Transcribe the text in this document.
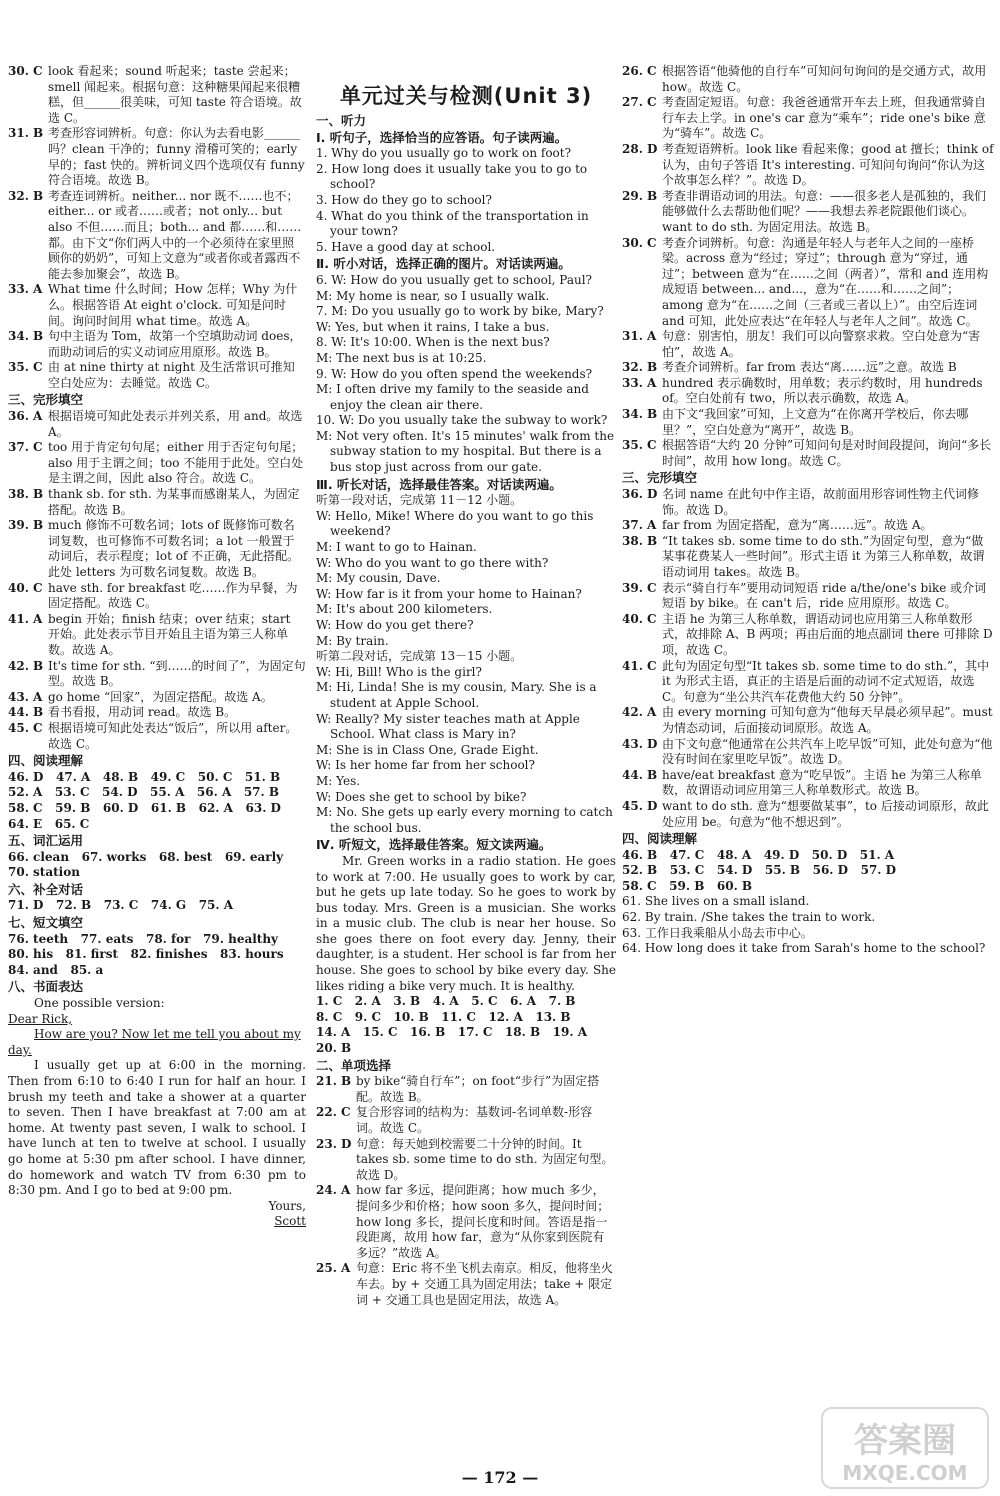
单元过关与检测(Unit 3)
30. C look 看起来；sound 听起来；taste 尝起来；smell 闻起来。根据句意：这种糖果闻起来很糟糕，但______很美味，可知 taste 符合语境。故选 C。
31. B 考查形容词辨析。句意：你认为去看电影______吗？clean 干净的；funny 滑稽可笑的；early 早的；fast 快的。辨析词义四个选项仅有 funny 符合语境。故选 B。
32. B 考查连词辨析。neither... nor 既不……也不；either... or 或者……或者；not only... but also 不但……而且；both... and 都……和……都。由下文“你们两人中的一个必须待在家里照顾你的奶奶”，可知上文意为“或者你或者露西不能去参加聚会”，故选 B。
33. A What time 什么时间；How 怎样；Why 为什么。根据答语 At eight o'clock. 可知是问时间。询问时间用 what time。故选 A。
34. B 句中主语为 Tom，故第一个空填助动词 does，而助动词后的实义动词应用原形。故选 B。
35. C 由 at nine thirty at night 及生活常识可推知空白处应为：去睡觉。故选 C。
三、完形填空
36. A 根据语境可知此处表示并列关系，用 and。故选 A。
37. C too 用于肯定句句尾；either 用于否定句句尾；also 用于主谓之间；too 不能用于此处。空白处是主谓之间，因此 also 符合。故选 C。
38. B thank sb. for sth. 为某事而感谢某人，为固定搭配。故选 B。
39. B much 修饰不可数名词；lots of 既修饰可数名词复数，也可修饰不可数名词；a lot 一般置于动词后，表示程度；lot of 不正确，无此搭配。此处 letters 为可数名词复数。故选 B。
40. C have sth. for breakfast 吃……作为早餐，为固定搭配。故选 C。
41. A begin 开始；finish 结束；over 结束；start 开始。此处表示节目开始且主语为第三人称单数。故选 A。
42. B It's time for sth. “到……的时间了”，为固定句型。故选 B。
43. A go home “回家”，为固定搭配。故选 A。
44. B 看书看报，用动词 read。故选 B。
45. C 根据语境可知此处表达“饭后”，所以用 after。故选 C。
四、阅读理解
46. D   47. A   48. B   49. C   50. C   51. B
52. A   53. C   54. D   55. A   56. A   57. B
58. C   59. B   60. D   61. B   62. A   63. D
64. E   65. C
五、词汇运用
66. clean   67. works   68. best   69. early
70. station
六、补全对话
71. D   72. B   73. C   74. G   75. A
七、短文填空
76. teeth   77. eats   78. for   79. healthy
80. his   81. first   82. finishes   83. hours
84. and   85. a
八、书面表达
One possible version:
Dear Rick,
How are you? Now let me tell you about my day.
I usually get up at 6:00 in the morning. Then from 6:10 to 6:40 I run for half an hour. I brush my teeth and take a shower at a quarter to seven. Then I have breakfast at 7:00 am at home. At twenty past seven, I walk to school. I have lunch at ten to twelve at school. I usually go home at 5:30 pm after school. I have dinner, do homework and watch TV from 6:30 pm to 8:30 pm. And I go to bed at 9:00 pm.
Yours,
Scott
一、听力
Ⅰ. 听句子，选择恰当的应答语。句子读两遍。
1. Why do you usually go to work on foot?
2. How long does it usually take you to go to school?
3. How do they go to school?
4. What do you think of the transportation in your town?
5. Have a good day at school.
Ⅱ. 听小对话，选择正确的图片。对话读两遍。
6. W: How do you usually get to school, Paul?
M: My home is near, so I usually walk.
7. M: Do you usually go to work by bike, Mary?
W: Yes, but when it rains, I take a bus.
8. W: It's 10:00. When is the next bus?
M: The next bus is at 10:25.
9. W: How do you often spend the weekends?
M: I often drive my family to the seaside and enjoy the clean air there.
10. W: Do you usually take the subway to work?
M: Not very often. It's 15 minutes' walk from the subway station to my hospital. But there is a bus stop just across from our gate.
Ⅲ. 听长对话，选择最佳答案。对话读两遍。
听第一段对话，完成第 11－12 小题。
W: Hello, Mike! Where do you want to go this weekend?
M: I want to go to Hainan.
W: Who do you want to go there with?
M: My cousin, Dave.
W: How far is it from your home to Hainan?
M: It's about 200 kilometers.
W: How do you get there?
M: By train.
听第二段对话，完成第 13－15 小题。
W: Hi, Bill! Who is the girl?
M: Hi, Linda! She is my cousin, Mary. She is a student at Apple School.
W: Really? My sister teaches math at Apple School. What class is Mary in?
M: She is in Class One, Grade Eight.
W: Is her home far from her school?
M: Yes.
W: Does she get to school by bike?
M: No. She gets up early every morning to catch the school bus.
Ⅳ. 听短文，选择最佳答案。短文读两遍。
Mr. Green works in a radio station. He goes to work at 7:00. He usually goes to work by car, but he gets up late today. So he goes to work by bus today. Mrs. Green is a musician. She works in a music club. The club is near her house. So she goes there on foot every day. Jenny, their daughter, is a student. Her school is far from her house. She goes to school by bike every day. She likes riding a bike very much. It is healthy.
1. C   2. A   3. B   4. A   5. C   6. A   7. B
8. C   9. C   10. B   11. C   12. A   13. B
14. A   15. C   16. B   17. C   18. B   19. A
20. B
二、单项选择
21. B by bike“骑自行车”；on foot“步行”为固定搭配。故选 B。
22. C 复合形容词的结构为：基数词-名词单数-形容词。故选 C。
23. D 句意：每天她到校需要二十分钟的时间。It takes sb. some time to do sth. 为固定句型。故选 D。
24. A how far 多远，提问距离；how much 多少，提问多少和价格；how soon 多久，提问时间；how long 多长，提问长度和时间。答语是指一段距离，故用 how far，意为“从你家到医院有多远？”故选 A。
25. A 句意：Eric 将不坐飞机去南京。相反，他将坐火车去。by + 交通工具为固定用法；take + 限定词 + 交通工具也是固定用法，故选 A。
26. C 根据答语“他骑他的自行车”可知问句询问的是交通方式，故用 how。故选 C。
27. C 考查固定短语。句意：我爸爸通常开车去上班，但我通常骑自行车去上学。in one's car 意为“乘车”；ride one's bike 意为“骑车”。故选 C。
28. D 考查短语辨析。look like 看起来像；good at 擅长；think of 认为，由句子答语 It's interesting. 可知问句询问“你认为这个故事怎么样？”。故选 D。
29. B 考查非谓语动词的用法。句意：——很多老人是孤独的，我们能够做什么去帮助他们呢？——我想去养老院跟他们谈心。want to do sth. 为固定用法。故选 B。
30. C 考查介词辨析。句意：沟通是年轻人与老年人之间的一座桥梁。across 意为“经过；穿过”；through 意为“穿过，通过”；between 意为“在……之间（两者）”，常和 and 连用构成短语 between... and...，意为“在……和……之间”；among 意为“在……之间（三者或三者以上）”。由空后连词 and 可知，此处应表达“在年轻人与老年人之间”。故选 C。
31. A 句意：别害怕，朋友！我们可以向警察求救。空白处意为“害怕”，故选 A。
32. B 考查介词辨析。far from 表达“离……远”之意。故选 B
33. A hundred 表示确数时，用单数；表示约数时，用 hundreds of。空白处前有 two，所以表示确数，故选 A。
34. B 由下文“我回家”可知，上文意为“在你离开学校后，你去哪里？”，空白处意为“离开”，故选 B。
35. C 根据答语“大约 20 分钟”可知问句是对时间段提问，询问“多长时间”，故用 how long。故选 C。
三、完形填空
36. D 名词 name 在此句中作主语，故前面用形容词性物主代词修饰。故选 D。
37. A far from 为固定搭配，意为“离……远”。故选 A。
38. B “It takes sb. some time to do sth.”为固定句型，意为“做某事花费某人一些时间”。形式主语 it 为第三人称单数，故谓语动词用 takes。故选 B。
39. C 表示“骑自行车”要用动词短语 ride a/the/one's bike 或介词短语 by bike。在 can't 后，ride 应用原形。故选 C。
40. C 主语 he 为第三人称单数，谓语动词也应用第三人称单数形式，故排除 A、B 两项；再由后面的地点副词 there 可排除 D 项，故选 C。
41. C 此句为固定句型“It takes sb. some time to do sth.”，其中 it 为形式主语，真正的主语是后面的动词不定式短语，故选 C。句意为“坐公共汽车花费他大约 50 分钟”。
42. A 由 every morning 可知句意为“他每天早晨必须早起”。must 为情态动词，后面接动词原形。故选 A。
43. D 由下文句意“他通常在公共汽车上吃早饭”可知，此处句意为“他没有时间在家里吃早饭”。故选 D。
44. B have/eat breakfast 意为“吃早饭”。主语 he 为第三人称单数，故谓语动词应用第三人称单数形式。故选 B。
45. D want to do sth. 意为“想要做某事”，to 后接动词原形，故此处应用 be。句意为“他不想迟到”。
四、阅读理解
46. B   47. C   48. A   49. D   50. D   51. A
52. B   53. C   54. D   55. B   56. D   57. D
58. C   59. B   60. B
61. She lives on a small island.
62. By train. /She takes the train to work.
63. 工作日我乘船从小岛去市中心。
64. How long does it take from Sarah's home to the school?
— 172 —
答案圈
MXQE.COM
